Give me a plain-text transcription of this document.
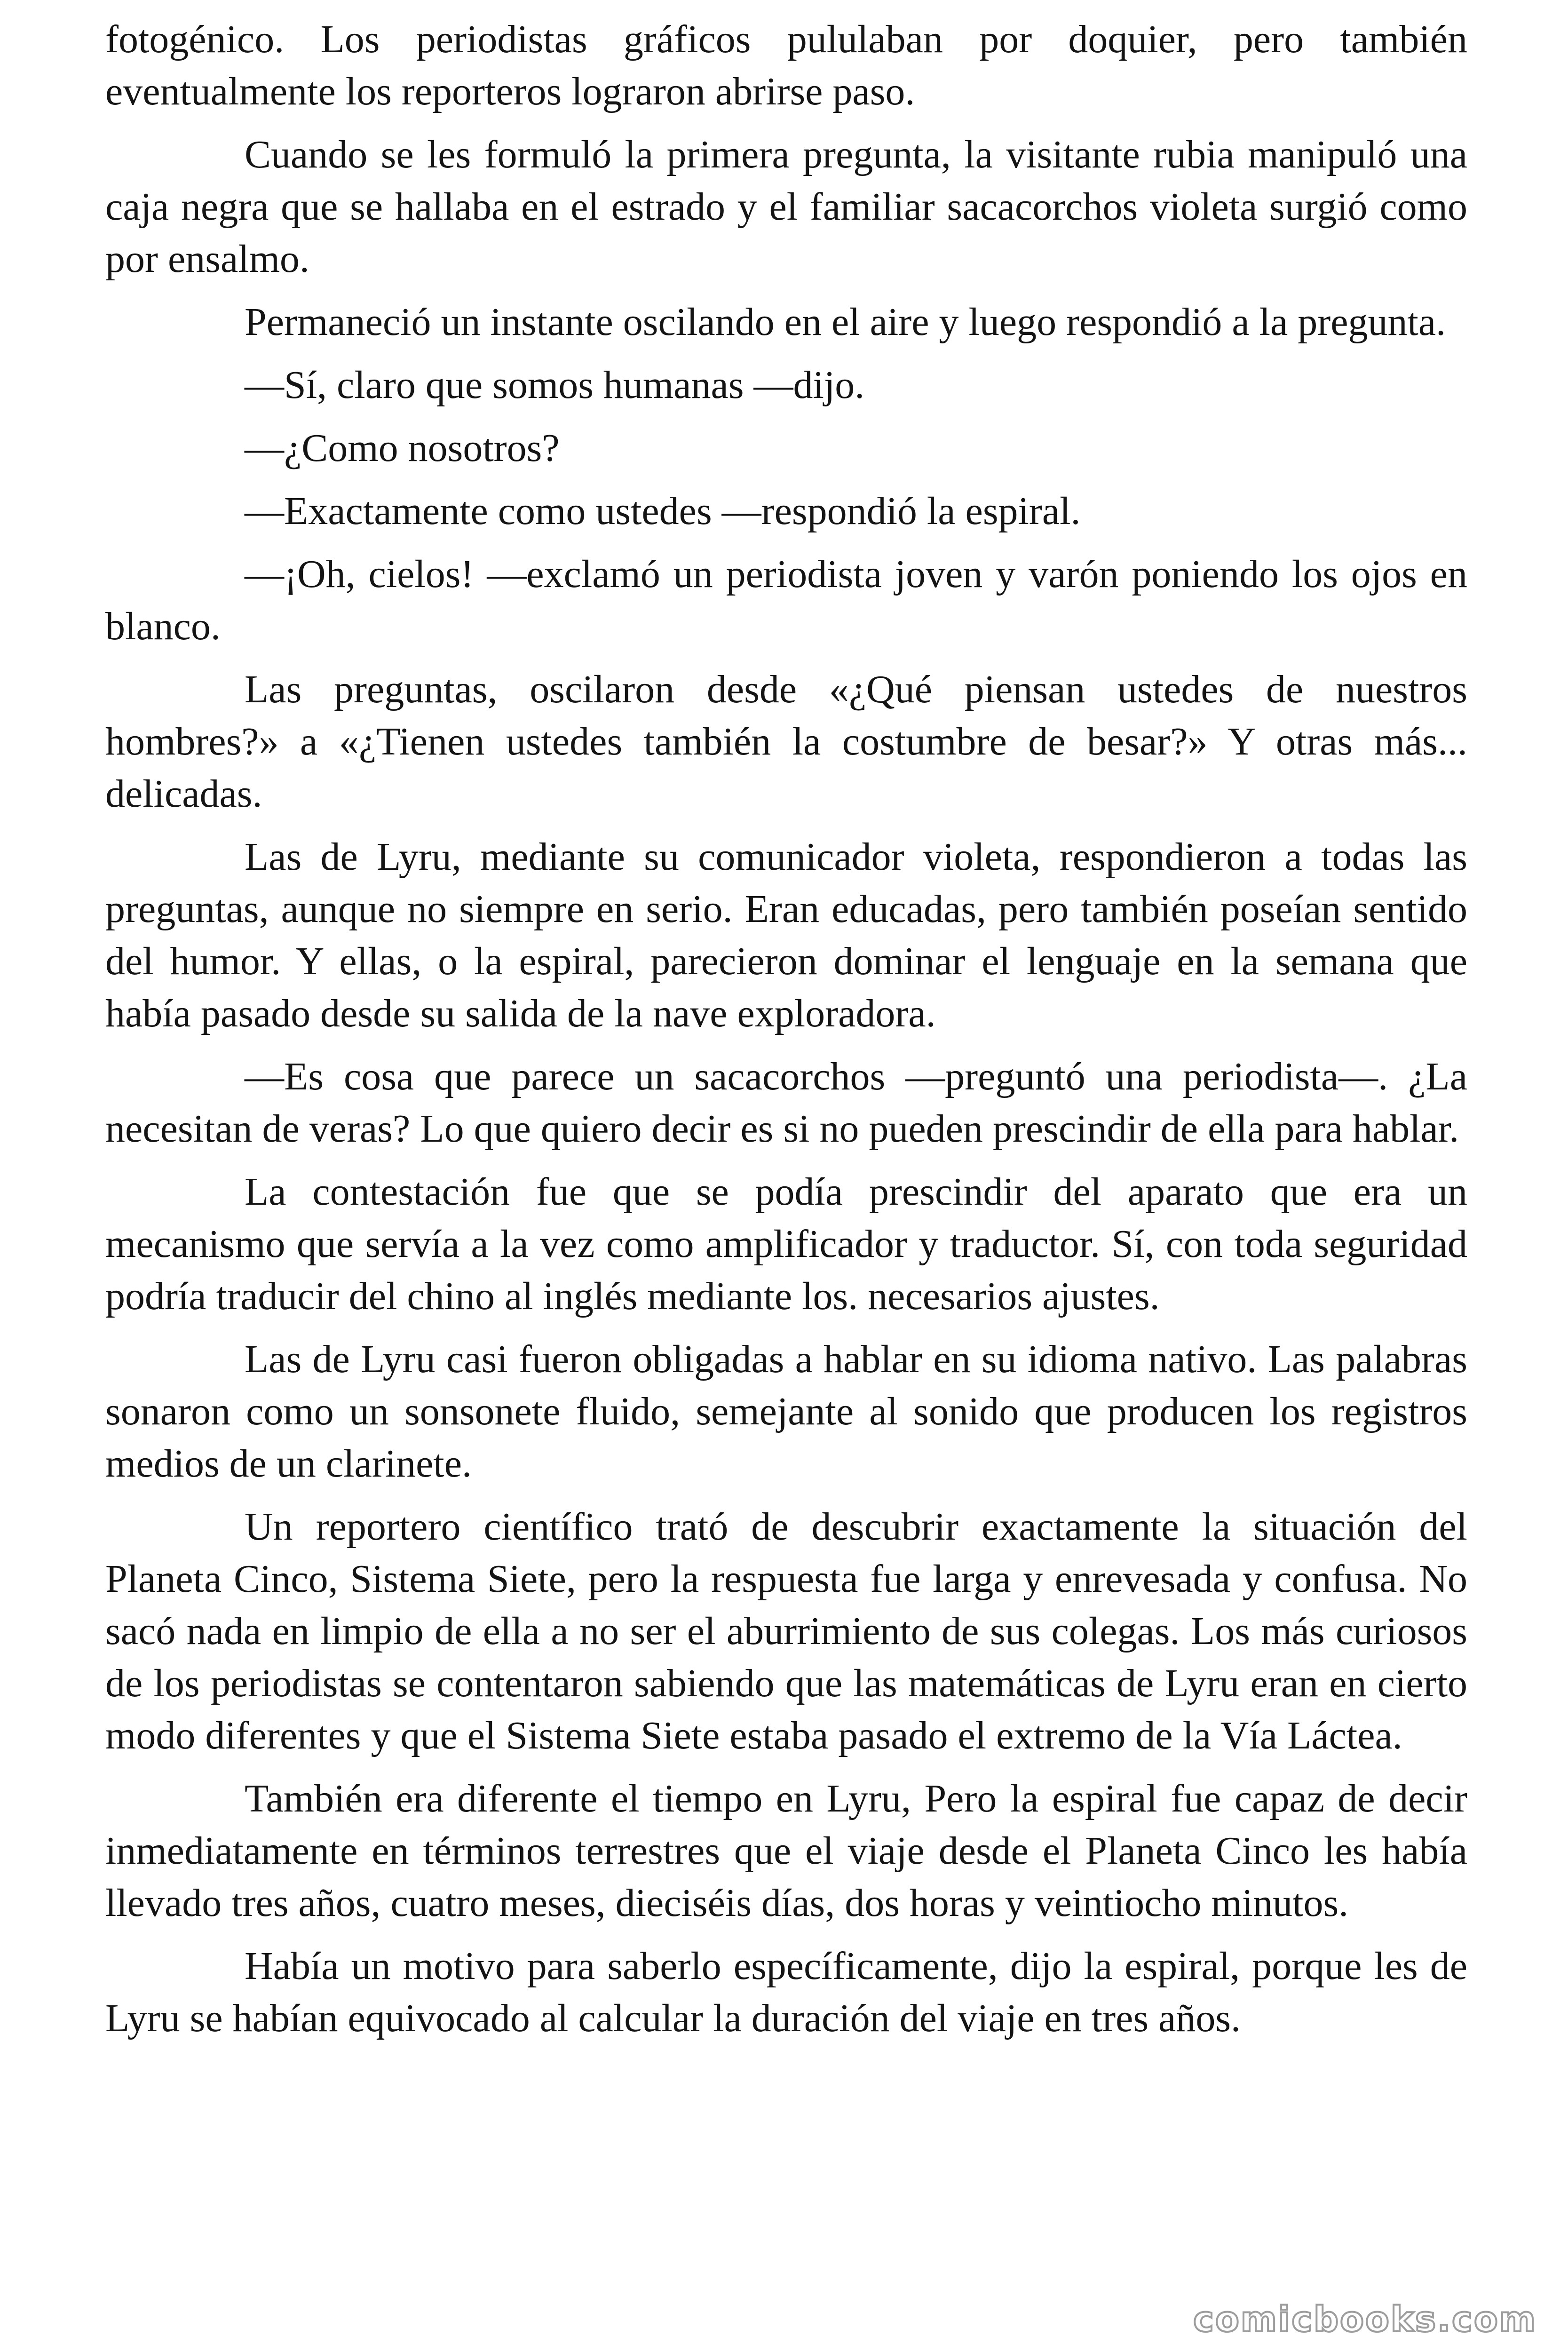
fotogénico. Los periodistas gráficos pululaban por doquier, pero también eventualmente los reporteros lograron abrirse paso.

Cuando se les formuló la primera pregunta, la visitante rubia manipuló una caja negra que se hallaba en el estrado y el familiar sacacorchos violeta surgió como por ensalmo.

Permaneció un instante oscilando en el aire y luego respondió a la pregunta.

—Sí, claro que somos humanas —dijo.

—¿Como nosotros?

—Exactamente como ustedes —respondió la espiral.

—¡Oh, cielos! —exclamó un periodista joven y varón poniendo los ojos en blanco.

Las preguntas, oscilaron desde «¿Qué piensan ustedes de nuestros hombres?» a «¿Tienen ustedes también la costumbre de besar?» Y otras más... delicadas.

Las de Lyru, mediante su comunicador violeta, respondieron a todas las preguntas, aunque no siempre en serio. Eran educadas, pero también poseían sentido del humor. Y ellas, o la espiral, parecieron dominar el lenguaje en la semana que había pasado desde su salida de la nave exploradora.

—Es cosa que parece un sacacorchos —preguntó una periodista—. ¿La necesitan de veras? Lo que quiero decir es si no pueden prescindir de ella para hablar.

La contestación fue que se podía prescindir del aparato que era un mecanismo que servía a la vez como amplificador y traductor. Sí, con toda seguridad podría traducir del chino al inglés mediante los. necesarios ajustes.

Las de Lyru casi fueron obligadas a hablar en su idioma nativo. Las palabras sonaron como un sonsonete fluido, semejante al sonido que producen los registros medios de un clarinete.

Un reportero científico trató de descubrir exactamente la situación del Planeta Cinco, Sistema Siete, pero la respuesta fue larga y enrevesada y confusa. No sacó nada en limpio de ella a no ser el aburrimiento de sus colegas. Los más curiosos de los periodistas se contentaron sabiendo que las matemáticas de Lyru eran en cierto modo diferentes y que el Sistema Siete estaba pasado el extremo de la Vía Láctea.

También era diferente el tiempo en Lyru, Pero la espiral fue capaz de decir inmediatamente en términos terrestres que el viaje desde el Planeta Cinco les había llevado tres años, cuatro meses, dieciséis días, dos horas y veintiocho minutos.

Había un motivo para saberlo específicamente, dijo la espiral, porque les de Lyru se habían equivocado al calcular la duración del viaje en tres años.

comicbooks.com
